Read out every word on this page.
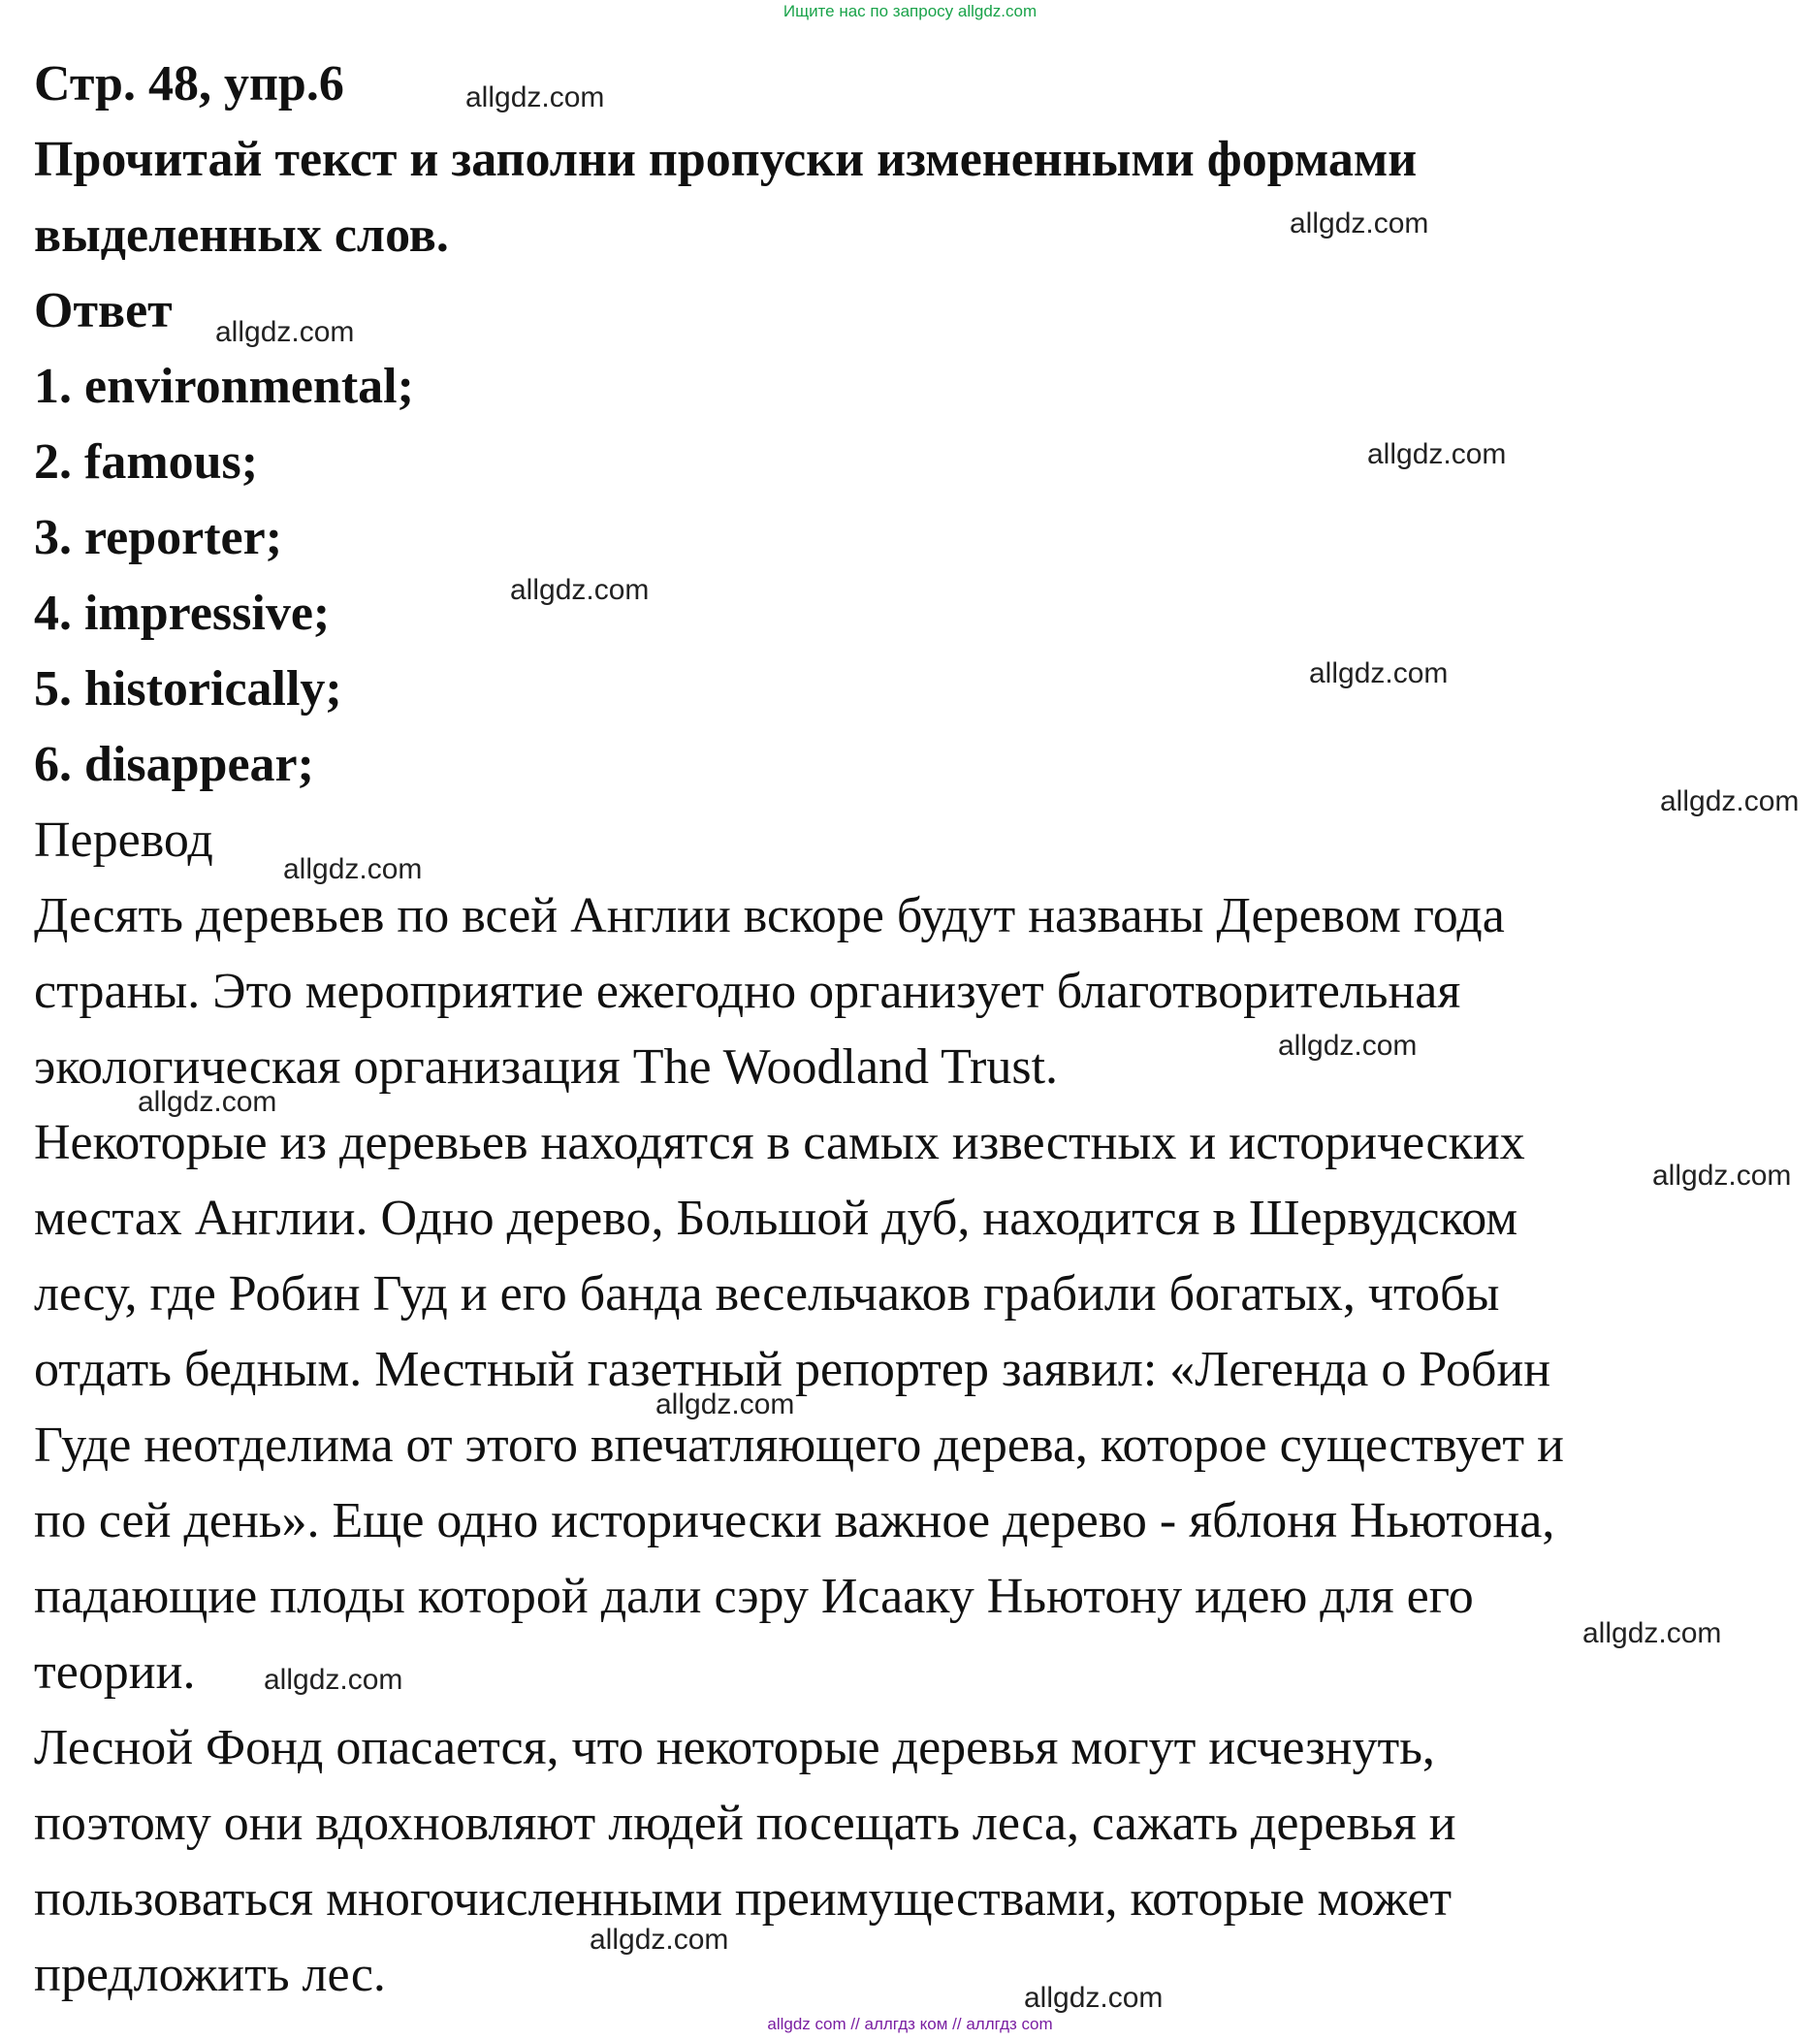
Ищите нас по запросу allgdz.com
Стр. 48, упр.6
Прочитай текст и заполни пропуски измененными формами
выделенных слов.
Ответ
1. environmental;
2. famous;
3. reporter;
4. impressive;
5. historically;
6. disappear;
Перевод
Десять деревьев по всей Англии вскоре будут названы Деревом года
страны. Это мероприятие ежегодно организует благотворительная
экологическая организация The Woodland Trust.
Некоторые из деревьев находятся в самых известных и исторических
местах Англии. Одно дерево, Большой дуб, находится в Шервудском
лесу, где Робин Гуд и его банда весельчаков грабили богатых, чтобы
отдать бедным. Местный газетный репортер заявил: «Легенда о Робин
Гуде неотделима от этого впечатляющего дерева, которое существует и
по сей день». Еще одно исторически важное дерево - яблоня Ньютона,
падающие плоды которой дали сэру Исааку Ньютону идею для его
теории.
Лесной Фонд опасается, что некоторые деревья могут исчезнуть,
поэтому они вдохновляют людей посещать леса, сажать деревья и
пользоваться многочисленными преимуществами, которые может
предложить лес.
allgdz.com
allgdz.com
allgdz.com
allgdz.com
allgdz.com
allgdz.com
allgdz.com
allgdz.com
allgdz.com
allgdz.com
allgdz.com
allgdz.com
allgdz.com
allgdz.com
allgdz.com
allgdz.com
allgdz com // аллгдз ком // аллгдз com
